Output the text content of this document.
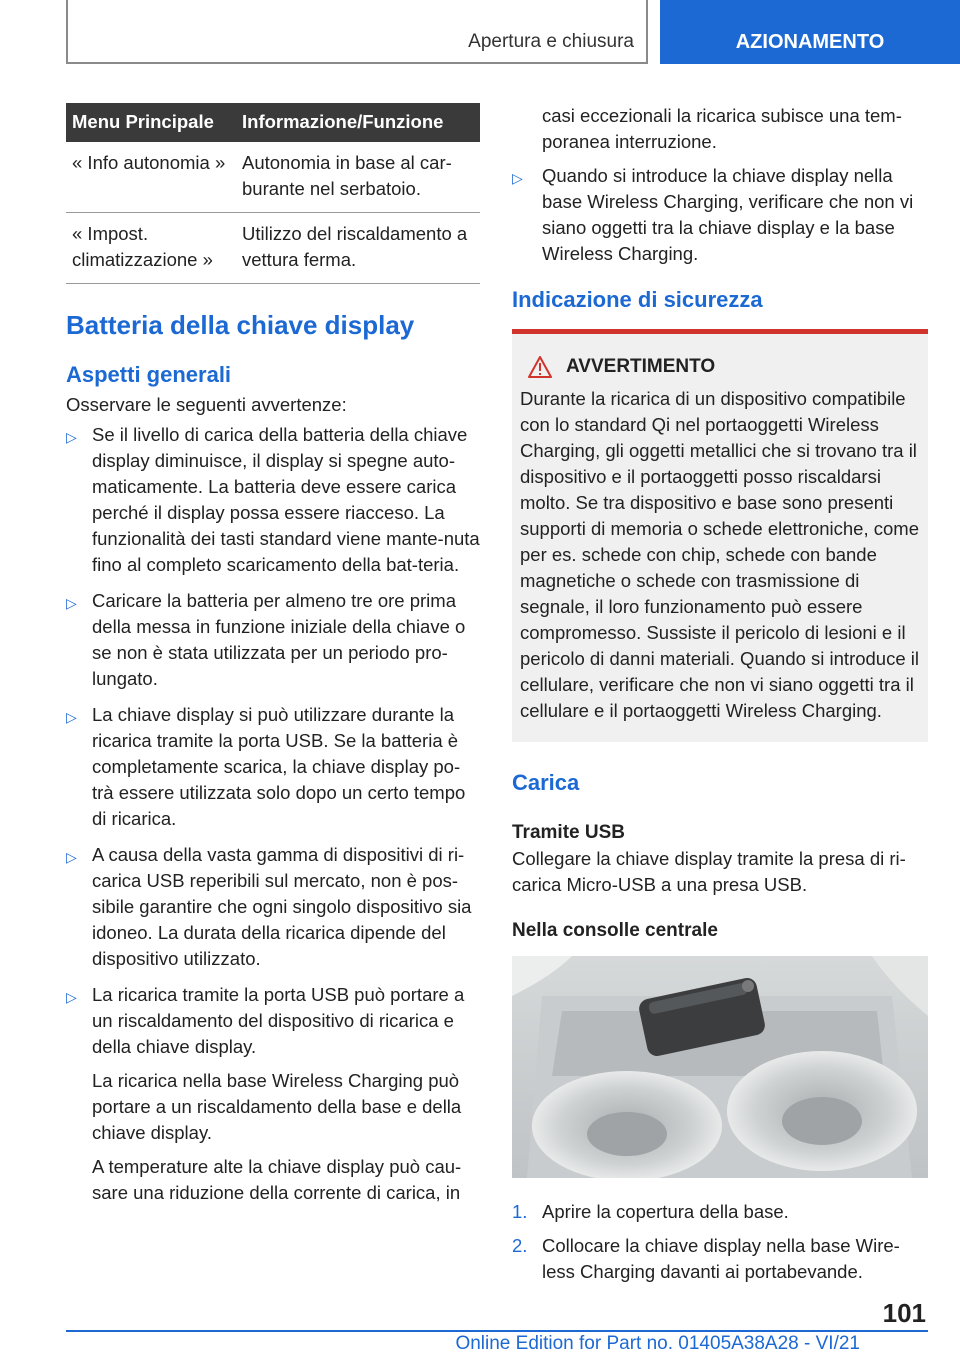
Apertura e chiusura	AZIONAMENTO
Menu Principale	Informazione/Funzione
« Info autonomia »	Autonomia in base al car-burante nel serbatoio.
« Impost. climatizzazione »	Utilizzo del riscaldamento a vettura ferma.
Batteria della chiave display
Aspetti generali

Osservare le seguenti avvertenze:

▷ Se il livello di carica della batteria della chiave display diminuisce, il display si spegne auto-maticamente. La batteria deve essere carica perché il display possa essere riacceso. La funzionalità dei tasti standard viene mante-nuta fino al completo scaricamento della bat-teria.
▷ Caricare la batteria per almeno tre ore prima della messa in funzione iniziale della chiave o se non è stata utilizzata per un periodo pro-lungato.
▷ La chiave display si può utilizzare durante la ricarica tramite la porta USB. Se la batteria è completamente scarica, la chiave display po-trà essere utilizzata solo dopo un certo tempo di ricarica.
▷ A causa della vasta gamma di dispositivi di ri-carica USB reperibili sul mercato, non è pos-sibile garantire che ogni singolo dispositivo sia idoneo. La durata della ricarica dipende del dispositivo utilizzato.
▷ La ricarica tramite la porta USB può portare a un riscaldamento del dispositivo di ricarica e della chiave display.
La ricarica nella base Wireless Charging può portare a un riscaldamento della base e della chiave display.
A temperature alte la chiave display può cau-sare una riduzione della corrente di carica, in

casi eccezionali la ricarica subisce una tem-poranea interruzione.

▷ Quando si introduce la chiave display nella base Wireless Charging, verificare che non vi siano oggetti tra la chiave display e la base Wireless Charging.
Indicazione di sicurezza
AVVERTIMENTO

Durante la ricarica di un dispositivo compatibile con lo standard Qi nel portaoggetti Wireless Charging, gli oggetti metallici che si trovano tra il dispositivo e il portaoggetti posso riscaldarsi molto. Se tra dispositivo e base sono presenti supporti di memoria o schede elettroniche, come per es. schede con chip, schede con bande magnetiche o schede con trasmissione di segnale, il loro funzionamento può essere compromesso. Sussiste il pericolo di lesioni e il pericolo di danni materiali. Quando si introduce il cellulare, verificare che non vi siano oggetti tra il cellulare e il portaoggetti Wireless Charging.

Carica
Tramite USB

Collegare la chiave display tramite la presa di ri-carica Micro-USB a una presa USB.

Nella consolle centrale
1. Aprire la copertura della base.
2. Collocare la chiave display nella base Wire-less Charging davanti ai portabevande.
101
Online Edition for Part no. 01405A38A28 - VI/21
